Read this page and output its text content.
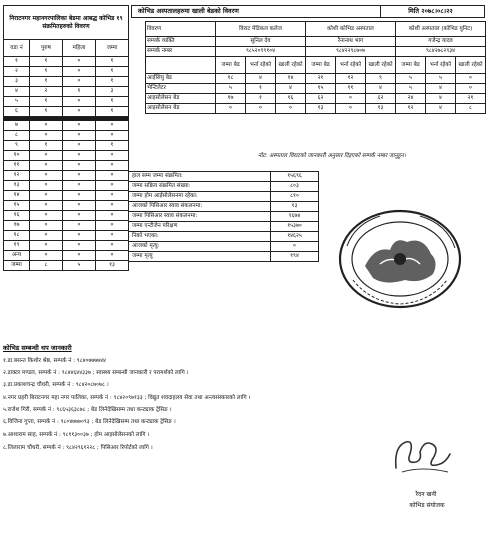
निराटनगर महानगरपालिका बेडमा आबद्ध कोभिड १९ संक्रमितहरुको विवरण			
वडा नं	पुरुष	महिला	जम्मा
१	१	०	१
२	१	०	१
३	१	०	१
४	२	१	३
५	१	०	१
६	१	०	१

७	०	०	०
८	०	०	०
९	१	०	१
१०	०	०	०
११	०	०	०
१२	०	०	०
१३	०	०	०
१४	०	०	०
१५	०	०	०
१६	०	०	०
१७	०	०	०
१८	०	०	०
१९	०	०	०
अन्य	०	०	०
जम्मा	८	५	१३
कोभिड अस्पतालहरुमा खाली बेडको विवरण	मिति २०७८।०८।२२
विवरण	विराट मेडिकल कलेज			कोशी कोभिड अस्पताल			कोशी अस्पताल (कोभिड युनिट)		
सम्पर्क व्यक्ति	सुनिल देव			रैनानाथ भाग			गजेन्द्र यादव		
सम्पर्क नम्बर	९८५२०९९१०४			९८४२२९८७०७			९८४२७८२९३४		
	जम्मा बेड	भर्ना रहेको	खाली रहेको	जम्मा बेड	भर्ना रहेको	खाली रहेको	जम्मा बेड	भर्ना रहेको	खाली रहेको
आईसियु बेड	१८	४	१४	२१	१२	९	५	५	०
भेन्टिलेटर	५	१	४	१५	११	४	५	४	०
आइसोलेसन बेड	१७	१	१६	६२	०	६२	२४	४	२१
आइसोलेसन बेड	०	०	०	१३	०	१३	१२	४	८
नोट: अस्पताल विराटको जानकारी अनुसार दिइएको सम्पर्क नम्बर जानुहुन।
हाल सम्म जम्मा संक्रमित:	१५६९६
जम्मा सक्रिय संक्रमित संख्या:	८०३
जम्मा होम आईसोलेसनमा रहेका:	८१०
आजको पिसिआर स्वाव संकलनमा:	१३
जम्मा पिसिआर स्वाव संकलनमा:	९६७४
जम्मा एन्टीजेन परिक्षण	१५३७०
निको भएका:	१४६२५
आजको मृत्यु:	०
जम्मा मृत्यु	१९४
कोभिड सम्बन्धी थप जानकारी
१.डा.बसन्त किशोर श्रेष्ठ, सम्पर्क नं : ९८४०७७७७४४
२.डाक्टर मण्डल, सम्पर्क नं : ९८४४६४४३३७ ; स्वास्थ्य सम्बन्धी जानकारी र परामर्शको लागि ।
३.डा.प्रकाशचन्द्र चौधरी, सम्पर्क नं : ९८४२०८७०७८ ।
४.नगर प्रहरी बिराटनगर महा नगर पालिका, सम्पर्क नं : ९८४२०९७१३३ ; विद्युत शवदाहलय सेवा तथा अन्त्यसंस्कारको लागि ।
५.राजेश गिरी, सम्पर्क नं : ९८६५३६३८७८ ; बेड लिनेदेखिसम्म तथा कन्ट्याक ट्रेसिङ ।
६.विजिना गुप्ता, सम्पर्क नं : ९८०४७७७०९३ ; बेड लिनेदेखिसम्म तथा कन्ट्याक ट्रेसिङ ।
७.आशाराम साह, सम्पर्क नं : ९८११३००३७ ; होम आइसोलेसनको लागि ।
८.लिलाराम चौधरी, सम्पर्क नं : ९८४२९६१२२८ ; पिसिआर रिपोर्टको लागि ।
रैदन खनी
कोभिड संयोजक
